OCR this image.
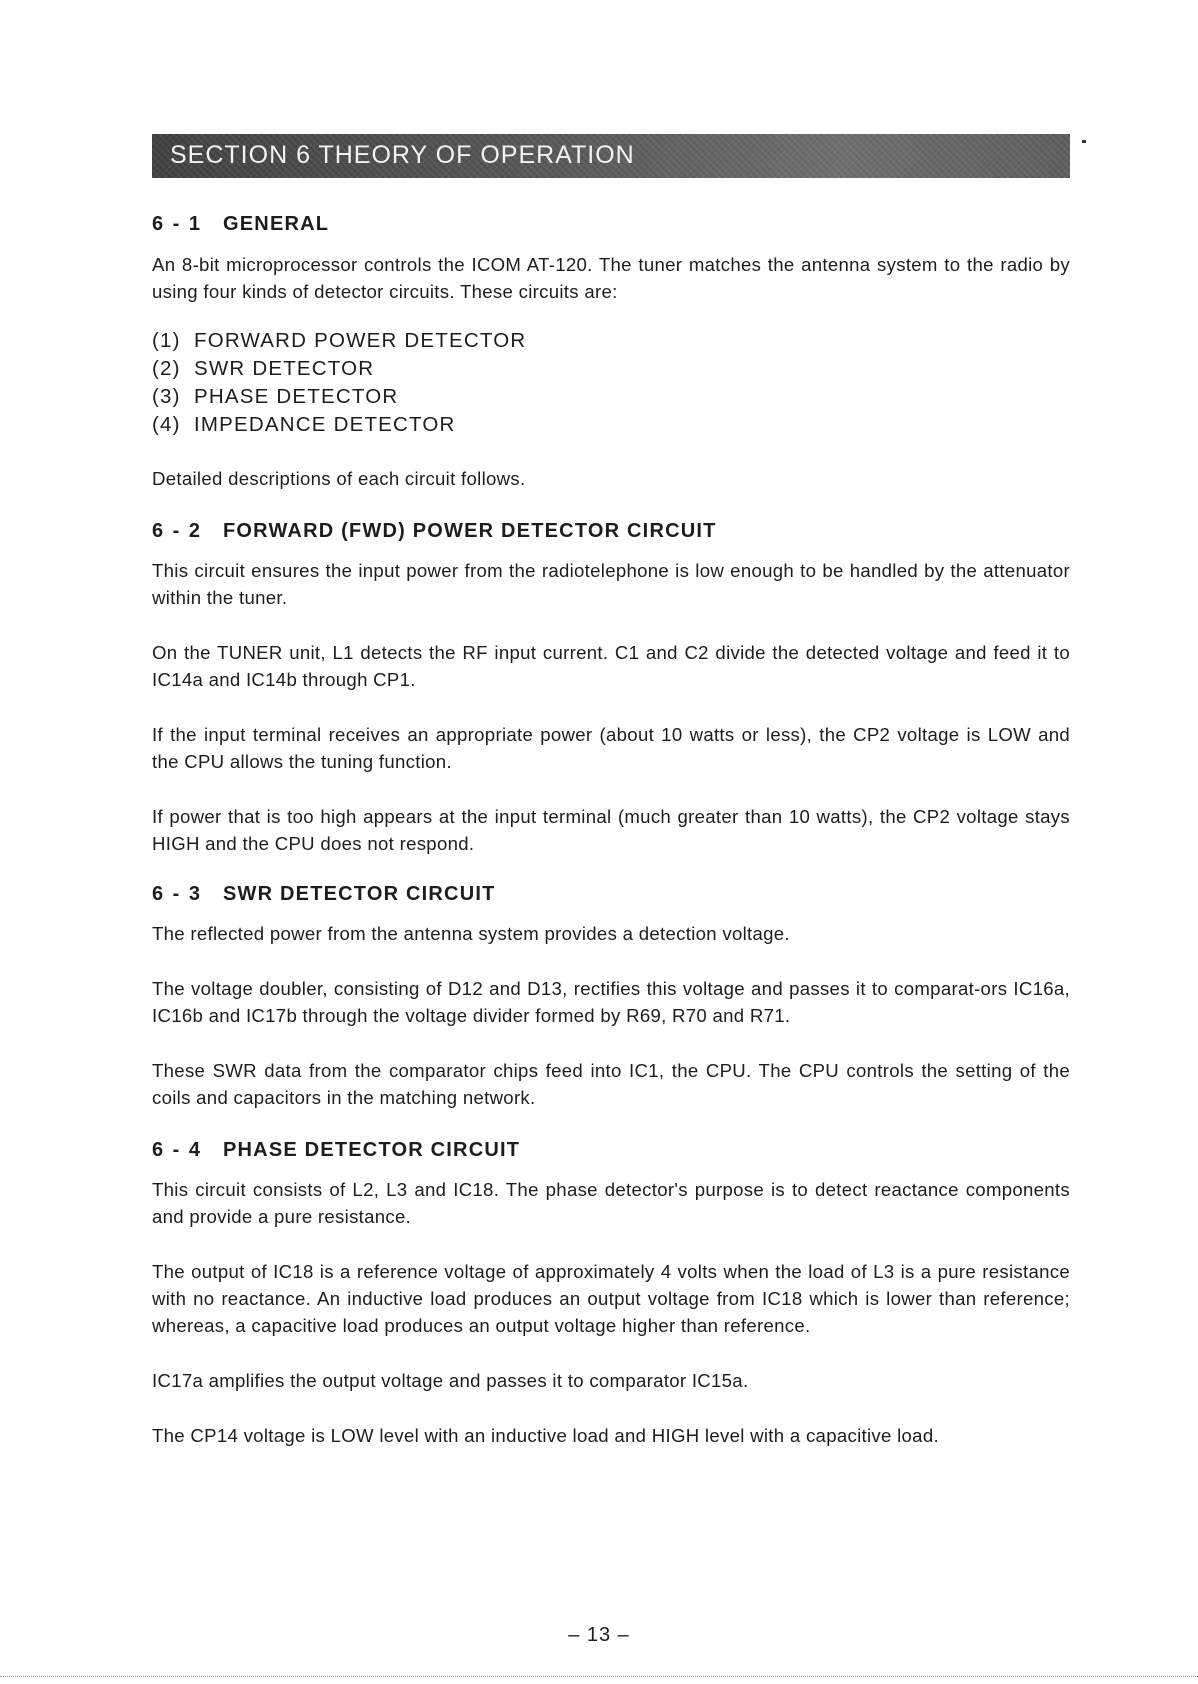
SECTION 6 THEORY OF OPERATION
6 - 1 GENERAL

An 8-bit microprocessor controls the ICOM AT-120. The tuner matches the antenna system to the radio by using four kinds of detector circuits. These circuits are:

(1) FORWARD POWER DETECTOR
(2) SWR DETECTOR
(3) PHASE DETECTOR
(4) IMPEDANCE DETECTOR

Detailed descriptions of each circuit follows.

6 - 2 FORWARD (FWD) POWER DETECTOR CIRCUIT

This circuit ensures the input power from the radiotelephone is low enough to be handled by the attenuator within the tuner.

On the TUNER unit, L1 detects the RF input current. C1 and C2 divide the detected voltage and feed it to IC14a and IC14b through CP1.

If the input terminal receives an appropriate power (about 10 watts or less), the CP2 voltage is LOW and the CPU allows the tuning function.

If power that is too high appears at the input terminal (much greater than 10 watts), the CP2 voltage stays HIGH and the CPU does not respond.

6 - 3 SWR DETECTOR CIRCUIT

The reflected power from the antenna system provides a detection voltage.

The voltage doubler, consisting of D12 and D13, rectifies this voltage and passes it to comparat-ors IC16a, IC16b and IC17b through the voltage divider formed by R69, R70 and R71.

These SWR data from the comparator chips feed into IC1, the CPU. The CPU controls the setting of the coils and capacitors in the matching network.

6 - 4 PHASE DETECTOR CIRCUIT

This circuit consists of L2, L3 and IC18. The phase detector's purpose is to detect reactance components and provide a pure resistance.

The output of IC18 is a reference voltage of approximately 4 volts when the load of L3 is a pure resistance with no reactance. An inductive load produces an output voltage from IC18 which is lower than reference; whereas, a capacitive load produces an output voltage higher than reference.

IC17a amplifies the output voltage and passes it to comparator IC15a.

The CP14 voltage is LOW level with an inductive load and HIGH level with a capacitive load.

– 13 –
